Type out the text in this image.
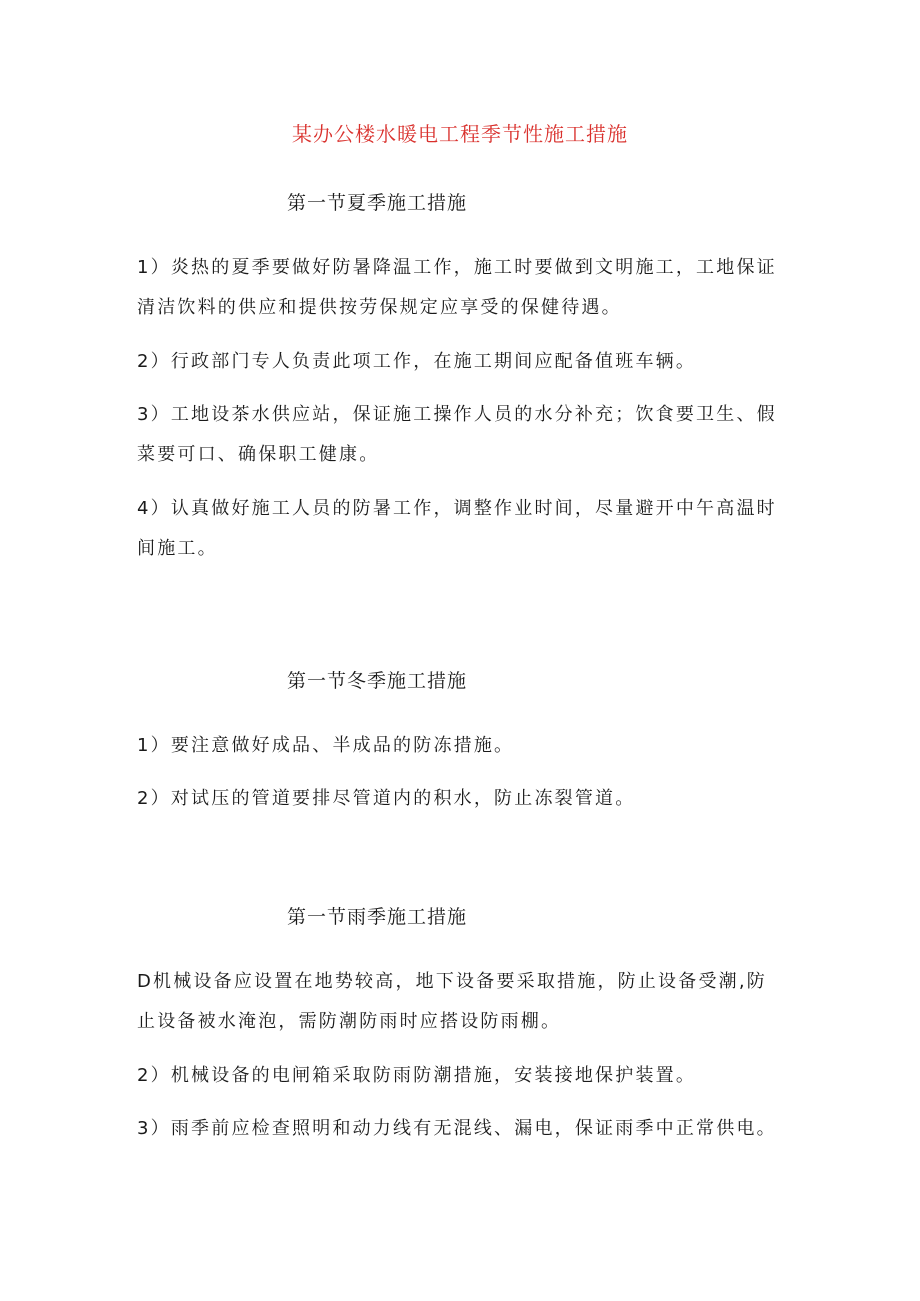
某办公楼水暖电工程季节性施工措施
第一节夏季施工措施
1）炎热的夏季要做好防暑降温工作，施工时要做到文明施工，工地保证清洁饮料的供应和提供按劳保规定应享受的保健待遇。
2）行政部门专人负责此项工作，在施工期间应配备值班车辆。
3）工地设茶水供应站，保证施工操作人员的水分补充；饮食要卫生、假菜要可口、确保职工健康。
4）认真做好施工人员的防暑工作，调整作业时间，尽量避开中午高温时间施工。
第一节冬季施工措施
1）要注意做好成品、半成品的防冻措施。
2）对试压的管道要排尽管道内的积水，防止冻裂管道。
第一节雨季施工措施
D机械设备应设置在地势较高，地下设备要采取措施，防止设备受潮,防止设备被水淹泡，需防潮防雨时应搭设防雨棚。
2）机械设备的电闸箱采取防雨防潮措施，安装接地保护装置。
3）雨季前应检查照明和动力线有无混线、漏电，保证雨季中正常供电。
